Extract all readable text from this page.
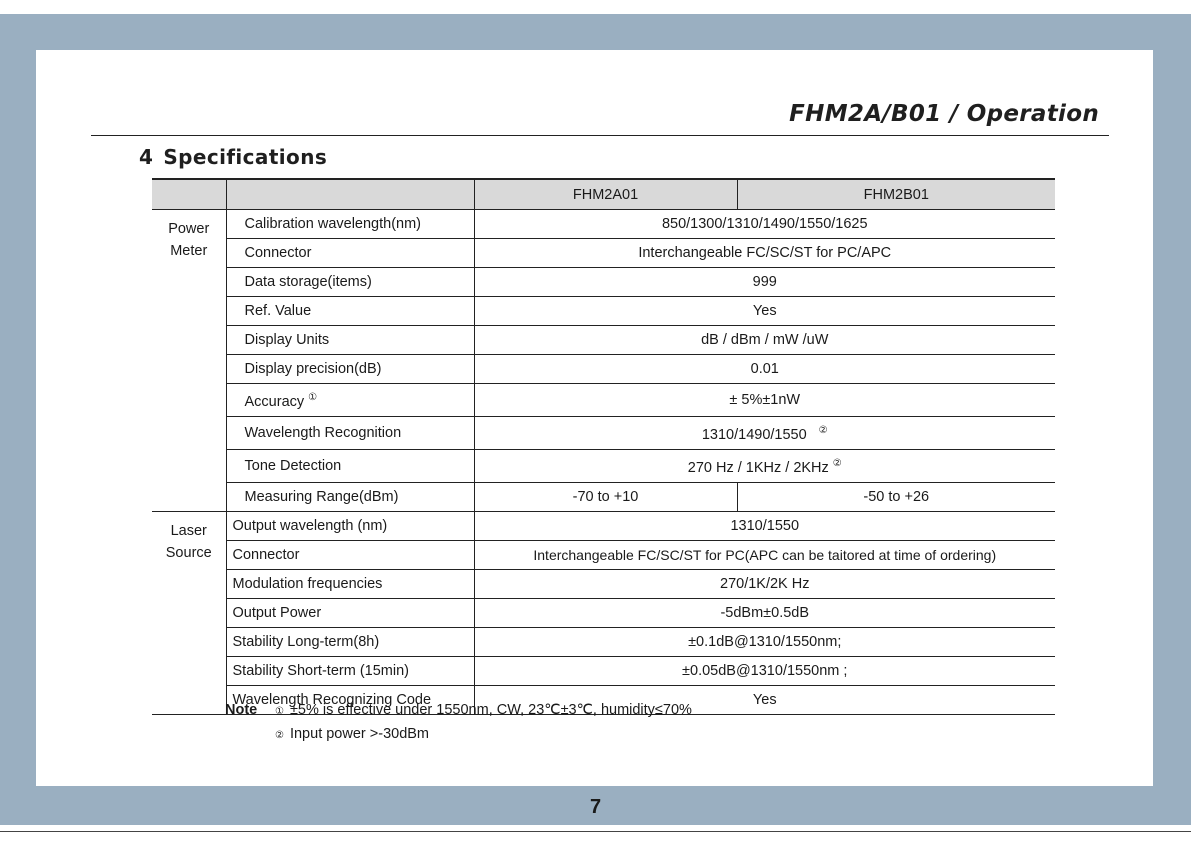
FHM2A/B01 / Operation
4 Specifications
		FHM2A01	FHM2B01

Power
Meter	Calibration wavelength(nm)	850/1300/1310/1490/1550/1625	
	Connector	Interchangeable FC/SC/ST for PC/APC	
	Data storage(items)	999	
	Ref. Value	Yes	
	Display Units	dB / dBm / mW /uW	
	Display precision(dB)	0.01	
	Accuracy ①	± 5%±1nW	
	Wavelength Recognition	1310/1490/1550 ②
	Tone Detection	270 Hz / 1KHz / 2KHz ②
	Measuring Range(dBm)	-70 to +10	-50 to +26

Laser
Source	Output wavelength (nm)	1310/1550	
	Connector	Interchangeable FC/SC/ST for PC(APC can be taitored at time of ordering)	
	Modulation frequencies	270/1K/2K Hz	
	Output Power	-5dBm±0.5dB	
	Stability Long-term(8h)	±0.1dB@1310/1550nm;	
	Stability Short-term (15min)	±0.05dB@1310/1550nm ;	
	Wavelength Recognizing Code	Yes	
Note ① ±5% is effective under 1550nm, CW, 23℃±3℃, humidity≤70%
② Input power >-30dBm
7
